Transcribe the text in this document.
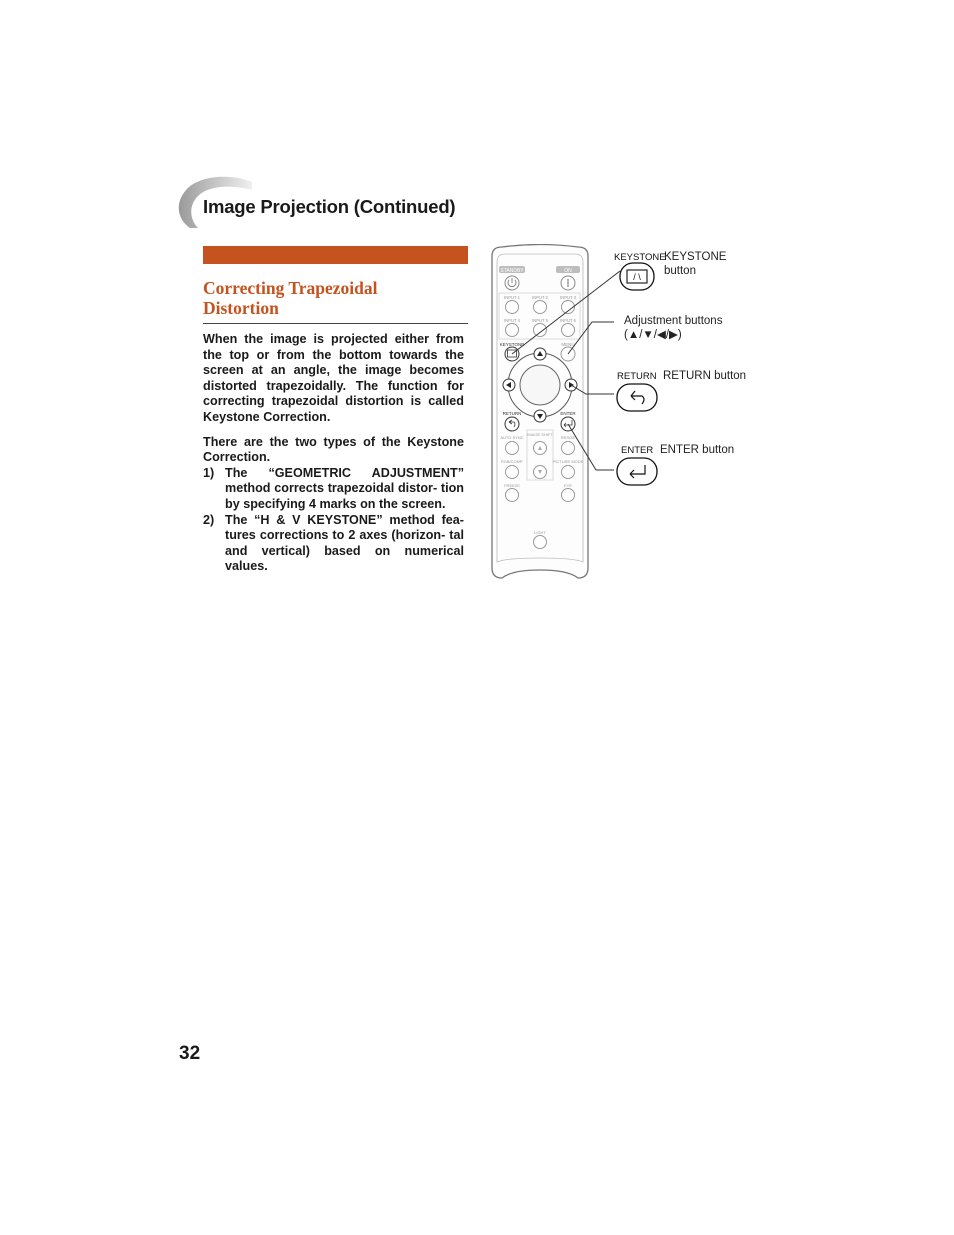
Image Projection (Continued)
Correcting Trapezoidal
Distortion

When the image is projected either from the top or from the bottom towards the screen at an angle, the image becomes distorted trapezoidally. The function for correcting trapezoidal distortion is called Keystone Correction.

There are the two types of the Keystone Correction.

1) The “GEOMETRIC ADJUSTMENT” method corrects trapezoidal distor- tion by specifying 4 marks on the screen.
2) The “H & V KEYSTONE” method fea- tures corrections to 2 axes (horizon- tal and vertical) based on numerical values.
STANDBY	ON
INPUT 1	INPUT 2	INPUT 3
INPUT 4	INPUT 5	INPUT 6
KEYSTONE	MENU
RETURN	ENTER
AUTO SYNC
IMAGE SHIFT
RESIZE
RGB/COMP.	PICTURE MODE
FREEZE	EYE
LIGHT
KEYSTONE
/ \
RETURN
ENTER
KEYSTONE
button
Adjustment buttons
(▲/▼/◀/▶)
RETURN button
ENTER button
32
